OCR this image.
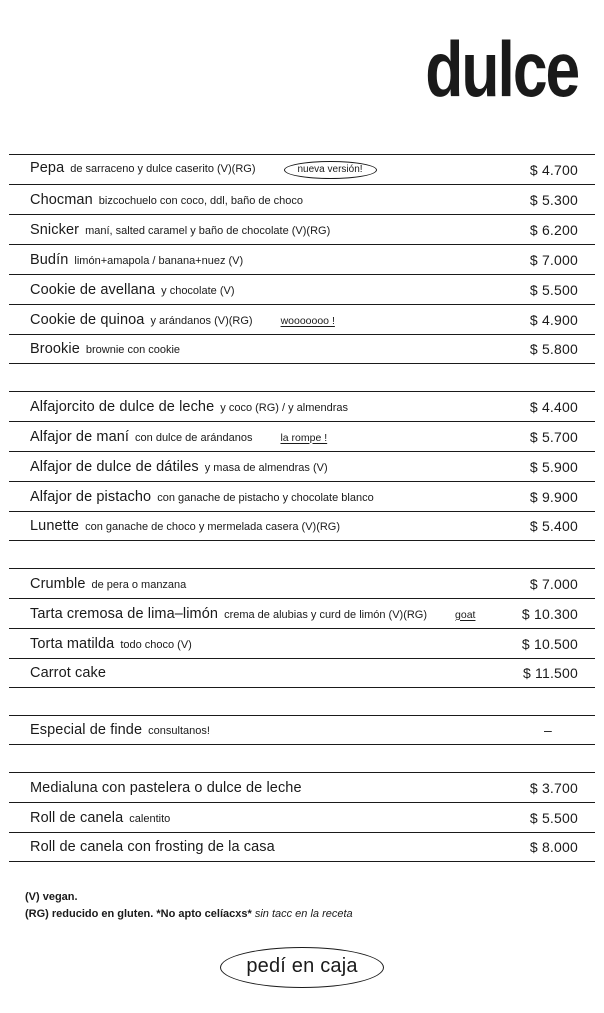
dulce
Pepa de sarraceno y dulce caserito (V)(RG)	nueva versión!	$ 4.700
Chocman bizcochuelo con coco, ddl, baño de choco	$ 5.300
Snicker maní, salted caramel y baño de chocolate (V)(RG)	$ 6.200
Budín limón+amapola / banana+nuez (V)	$ 7.000
Cookie de avellana y chocolate (V)	$ 5.500
Cookie de quinoa y arándanos (V)(RG)	wooooooo !	$ 4.900
Brookie brownie con cookie	$ 5.800
Alfajorcito de dulce de leche y coco (RG) / y almendras	$ 4.400
Alfajor de maní con dulce de arándanos	la rompe !	$ 5.700
Alfajor de dulce de dátiles y masa de almendras (V)	$ 5.900
Alfajor de pistacho con ganache de pistacho y chocolate blanco	$ 9.900
Lunette con ganache de choco y mermelada casera (V)(RG)	$ 5.400
Crumble de pera o manzana	$ 7.000
Tarta cremosa de lima–limón crema de alubias y curd de limón (V)(RG)	goat	$ 10.300
Torta matilda todo choco (V)	$ 10.500
Carrot cake	$ 11.500
Especial de finde consultanos!	–
Medialuna con pastelera o dulce de leche	$ 3.700
Roll de canela calentito	$ 5.500
Roll de canela con frosting de la casa	$ 8.000
(V) vegan.
(RG) reducido en gluten. *No apto celíacxs* sin tacc en la receta
pedí en caja
